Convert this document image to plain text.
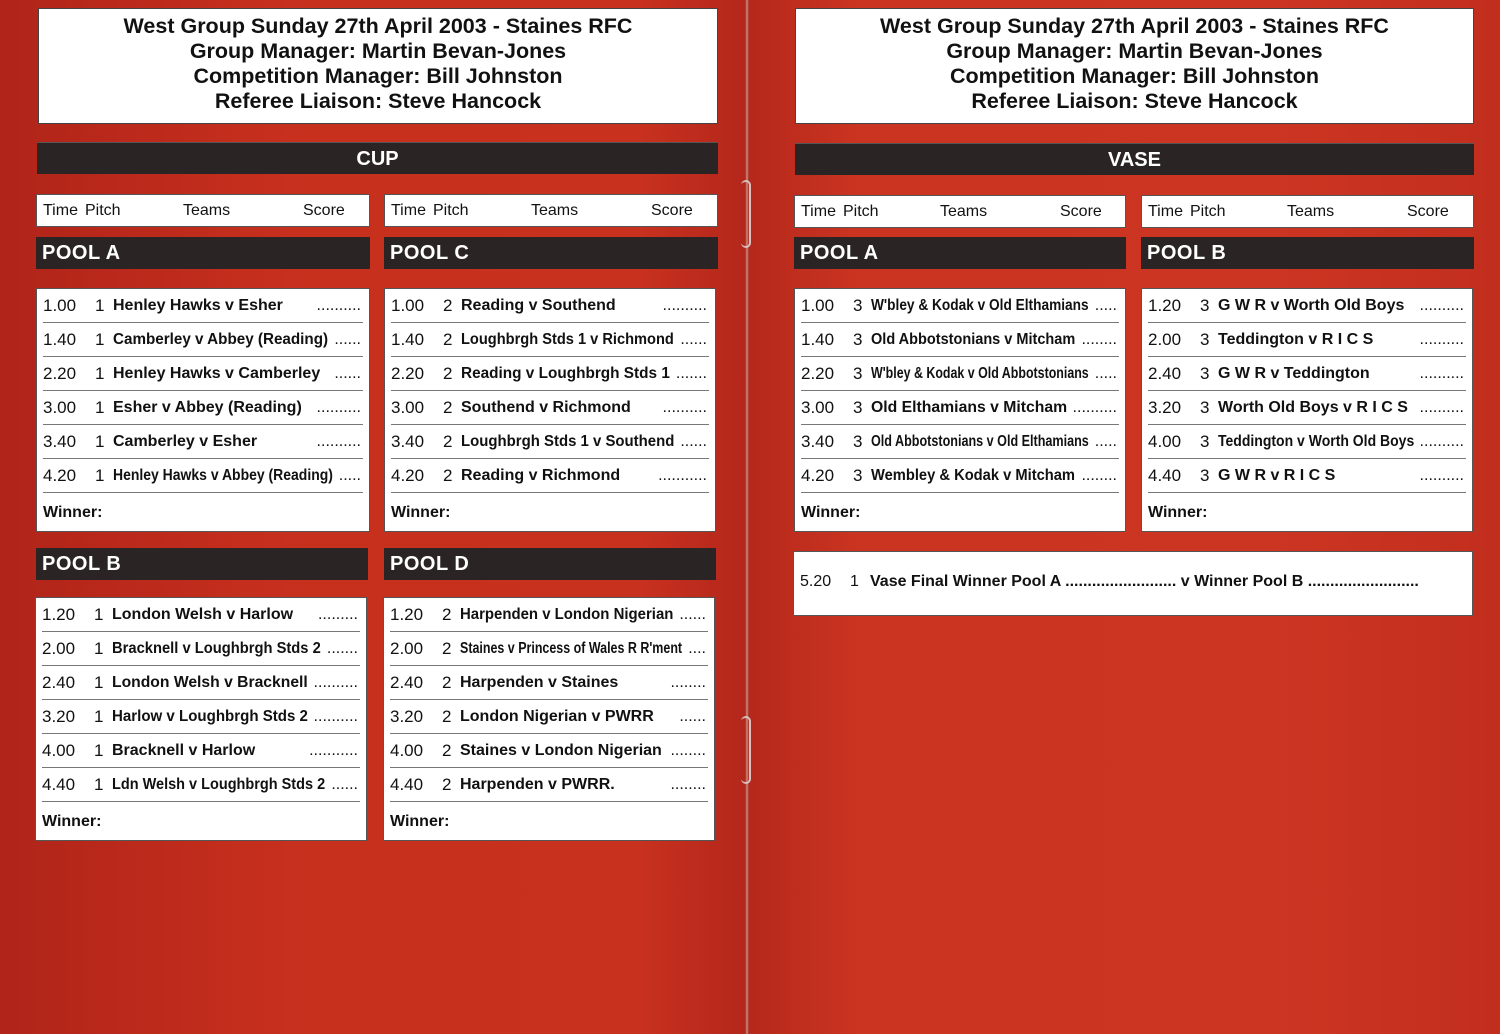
West Group Sunday 27th April 2003 - Staines RFC
Group Manager: Martin Bevan-Jones
Competition Manager: Bill Johnston
Referee Liaison: Steve Hancock
CUP
Time Pitch	Teams	Score	Time Pitch	Teams	Score
POOL A
1.00 1 Henley Hawks v Esher ..........
1.40 1 Camberley v Abbey (Reading) ......
2.20 1 Henley Hawks v Camberley ......
3.00 1 Esher v Abbey (Reading) ..........
3.40 1 Camberley v Esher	..........
4.20 1 Henley Hawks v Abbey (Reading) .....
Winner:
POOL C
1.00 2 Reading v Southend	..........
1.40 2 Loughbrgh Stds 1 v Richmond ......
2.20 2 Reading v Loughbrgh Stds 1 .......
3.00 2 Southend v Richmond ..........
3.40 2 Loughbrgh Stds 1 v Southend ......
4.20 2 Reading v Richmond ...........
Winner:
POOL B
1.20 1 London Welsh v Harlow .........
2.00 1 Bracknell v Loughbrgh Stds 2 .......
2.40 1 London Welsh v Bracknell ..........
3.20 1 Harlow v Loughbrgh Stds 2 ..........
4.00 1 Bracknell v Harlow	...........
4.40 1 Ldn Welsh v Loughbrgh Stds 2 ......
Winner:
POOL D
1.20 2 Harpenden v London Nigerian ......
2.00 2 Staines v Princess of Wales R R'ment ....
2.40 2 Harpenden v Staines	........
3.20 2 London Nigerian v PWRR ......
4.00 2 Staines v London Nigerian ........
4.40 2 Harpenden v PWRR.	........
Winner:
West Group Sunday 27th April 2003 - Staines RFC
Group Manager: Martin Bevan-Jones
Competition Manager: Bill Johnston
Referee Liaison: Steve Hancock
VASE
Time Pitch	Teams	Score	Time Pitch	Teams	Score
POOL A
1.00 3 W'bley & Kodak v Old Elthamians .....
1.40 3 Old Abbotstonians v Mitcham ........
2.20 3 W'bley & Kodak v Old Abbotstonians .....
3.00 3 Old Elthamians v Mitcham ..........
3.40 3 Old Abbotstonians v Old Elthamians .....
4.20 3 Wembley & Kodak v Mitcham ........
Winner:
POOL B
1.20 3 G W R v Worth Old Boys ..........
2.00 3 Teddington v R I C S	..........
2.40 3 G W R v Teddington	..........
3.20 3 Worth Old Boys v R I C S ..........
4.00 3 Teddington v Worth Old Boys ..........
4.40 3 G W R v R I C S	..........
Winner:
5.20 1 Vase Final Winner Pool A ......................... v Winner Pool B .........................
